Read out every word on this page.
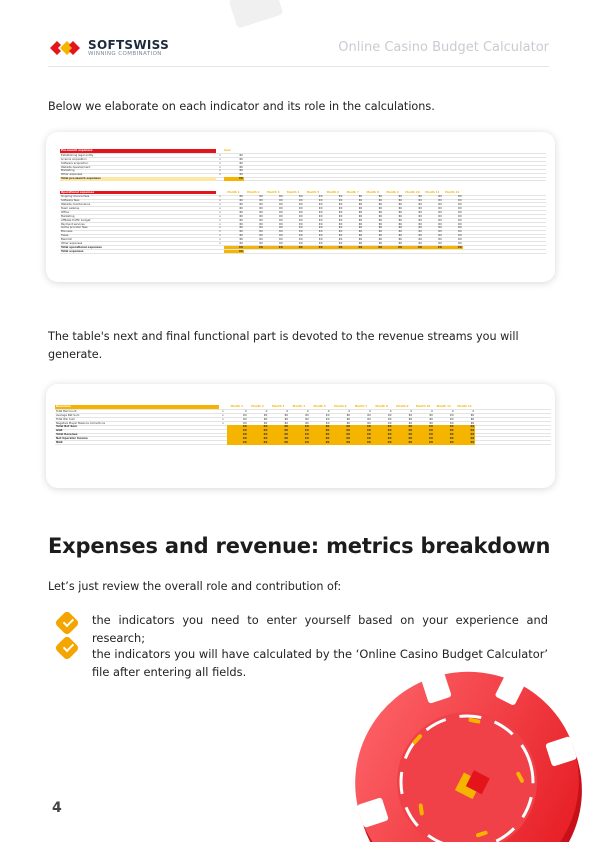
SOFTSWISS
WINNING COMBINATION	Online Casino Budget Calculator
Below we elaborate on each indicator and its role in the calculations.
Pre-launch expenses	Sum
Establishing legal entity	▾	€0
Licence acquisition	▾	€0
Software acquisition	▾	€0
Website development	▾	€0
Marketing	▾	€0
Other expenses	▾	€0
Total pre-launch expenses	€0
Operational expenses	Month 1	Month 2	Month 3	Month 4	Month 5	Month 6	Month 7	Month 8	Month 9	Month 10	Month 11	Month 12
Ongoing licence fees	▾	€0	€0	€0	€0	€0	€0	€0	€0	€0	€0	€0	€0
Software fees	▾	€0	€0	€0	€0	€0	€0	€0	€0	€0	€0	€0	€0
Website maintenance	▾	€0	€0	€0	€0	€0	€0	€0	€0	€0	€0	€0	€0
Team salaries	▾	€0	€0	€0	€0	€0	€0	€0	€0	€0	€0	€0	€0
Office	▾	€0	€0	€0	€0	€0	€0	€0	€0	€0	€0	€0	€0
Marketing	▾	€0	€0	€0	€0	€0	€0	€0	€0	€0	€0	€0	€0
Affiliate traffic budget	▾	€0	€0	€0	€0	€0	€0	€0	€0	€0	€0	€0	€0
Payment services	▾	€0	€0	€0	€0	€0	€0	€0	€0	€0	€0	€0	€0
Game provider fees	▾	€0	€0	€0	€0	€0	€0	€0	€0	€0	€0	€0	€0
Bonuses	▾	€0	€0	€0	€0	€0	€0	€0	€0	€0	€0	€0	€0
Taxes	▾	€0	€0	€0	€0	€0	€0	€0	€0	€0	€0	€0	€0
Bankroll	▾	€0	€0	€0	€0	€0	€0	€0	€0	€0	€0	€0	€0
Other expenses	▾	€0	€0	€0	€0	€0	€0	€0	€0	€0	€0	€0	€0
Total operational expenses	€0	€0	€0	€0	€0	€0	€0	€0	€0	€0	€0	€0
Total expenses	€0
The table's next and final functional part is devoted to the revenue streams you will generate.
Revenues	Month 1	Month 2	Month 3	Month 4	Month 5	Month 6	Month 7	Month 8	Month 9	Month 10	Month 11	Month 12
Total Bet Count	▾	0	0	0	0	0	0	0	0	0	0	0	0
Average Bet Sum	▾	€0	€0	€0	€0	€0	€0	€0	€0	€0	€0	€0	€0
Total Win Sum	▾	€0	€0	€0	€0	€0	€0	€0	€0	€0	€0	€0	€0
Negative Player Balance Corrections	▾	€0	€0	€0	€0	€0	€0	€0	€0	€0	€0	€0	€0
Total Bet Sum	€0	€0	€0	€0	€0	€0	€0	€0	€0	€0	€0	€0
GGR	€0	€0	€0	€0	€0	€0	€0	€0	€0	€0	€0	€0
Total Revenue	€0	€0	€0	€0	€0	€0	€0	€0	€0	€0	€0	€0
Net Operator Income	€0	€0	€0	€0	€0	€0	€0	€0	€0	€0	€0	€0
NGR	€0	€0	€0	€0	€0	€0	€0	€0	€0	€0	€0	€0
Expenses and revenue: metrics breakdown
Let’s just review the overall role and contribution of:
the indicators you need to enter yourself based on your experience and research;
the indicators you will have calculated by the ‘Online Casino Budget Calculator’ file after entering all fields.
4
